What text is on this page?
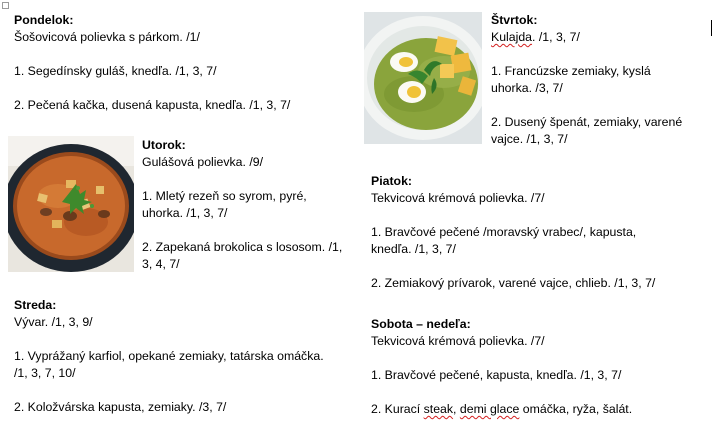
Pondelok:

Šošovicová polievka s párkom. /1/

1. Segedínsky guláš, knedľa. /1, 3, 7/

2. Pečená kačka, dusená kapusta, knedľa. /1, 3, 7/

Utorok:

Gulášová polievka. /9/

1. Mletý rezeň so syrom, pyré,

uhorka. /1, 3, 7/

2. Zapekaná brokolica s lososom. /1,

3, 4, 7/

Streda:

Vývar. /1, 3, 9/

1. Vyprážaný karfiol, opekané zemiaky, tatárska omáčka.

/1, 3, 7, 10/

2. Koložvárska kapusta, zemiaky. /3, 7/

Štvrtok:

Kulajda. /1, 3, 7/

1. Francúzske zemiaky, kyslá

uhorka. /3, 7/

2. Dusený špenát, zemiaky, varené

vajce. /1, 3, 7/

Piatok:

Tekvicová krémová polievka. /7/

1. Bravčové pečené /moravský vrabec/, kapusta,

knedľa. /1, 3, 7/

2. Zemiakový prívarok, varené vajce, chlieb. /1, 3, 7/

Sobota – nedeľa:

Tekvicová krémová polievka. /7/

1. Bravčové pečené, kapusta, knedľa. /1, 3, 7/

2. Kurací steak, demi glace omáčka, ryža, šalát.
